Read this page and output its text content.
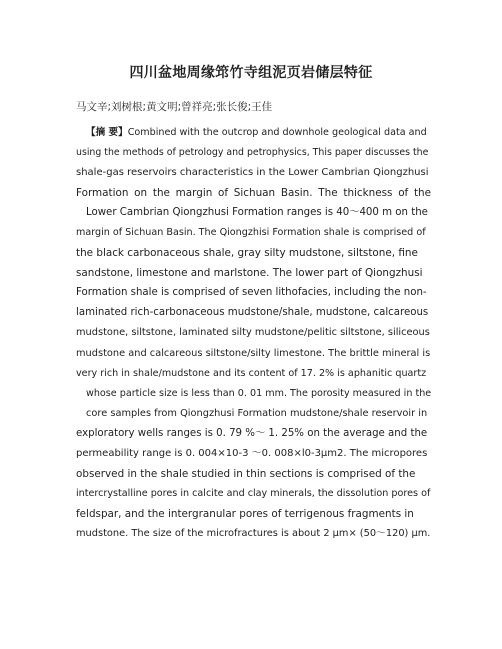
四川盆地周缘筇竹寺组泥页岩储层特征
马文辛;刘树根;黄文明;曾祥亮;张长俊;王佳
【摘 要】Combined with the outcrop and downhole geological data and
using the methods of petrology and petrophysics, This paper discusses the
shale-gas reservoirs characteristics in the Lower Cambrian Qiongzhusi
Formation on the margin of Sichuan Basin. The thickness of the
Lower Cambrian Qiongzhusi Formation ranges is 40～400 m on the
margin of Sichuan Basin. The Qiongzhisi Formation shale is comprised of
the black carbonaceous shale, gray silty mudstone, siltstone, fine
sandstone, limestone and marlstone. The lower part of Qiongzhusi
Formation shale is comprised of seven lithofacies, including the non-
laminated rich-carbonaceous mudstone/shale, mudstone, calcareous
mudstone, siltstone, laminated silty mudstone/pelitic siltstone, siliceous
mudstone and calcareous siltstone/silty limestone. The brittle mineral is
very rich in shale/mudstone and its content of 17. 2% is aphanitic quartz
whose particle size is less than 0. 01 mm. The porosity measured in the
core samples from Qiongzhusi Formation mudstone/shale reservoir in
exploratory wells ranges is 0. 79 %～ 1. 25% on the average and the
permeability range is 0. 004×10-3 ～0. 008×l0-3μm2. The micropores
observed in the shale studied in thin sections is comprised of the
intercrystalline pores in calcite and clay minerals, the dissolution pores of
feldspar, and the intergranular pores of terrigenous fragments in
mudstone. The size of the microfractures is about 2 μm× (50～120) μm.
